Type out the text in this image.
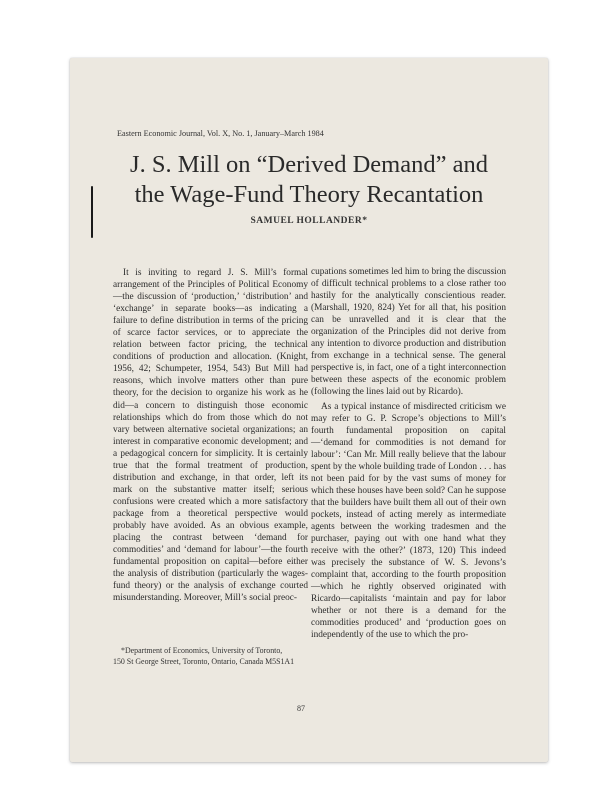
Eastern Economic Journal, Vol. X, No. 1, January–March 1984
J. S. Mill on “Derived Demand” and
the Wage-Fund Theory Recantation
SAMUEL HOLLANDER*

It is inviting to regard J. S. Mill’s formal arrangement of the Principles of Political Economy—the discussion of ‘production,’ ‘distribution’ and ‘exchange’ in separate books—as indicating a failure to define distribution in terms of the pricing of scarce factor services, or to appreciate the relation between factor pricing, the technical conditions of production and allocation. (Knight, 1956, 42; Schumpeter, 1954, 543) But Mill had reasons, which involve matters other than pure theory, for the decision to organize his work as he did—a concern to distinguish those economic relationships which do from those which do not vary between alternative societal organizations; an interest in comparative economic development; and a pedagogical concern for simplicity. It is certainly true that the formal treatment of production, distribution and exchange, in that order, left its mark on the substantive matter itself; serious confusions were created which a more satisfactory package from a theoretical perspective would probably have avoided. As an obvious example, placing the contrast between ‘demand for commodities’ and ‘demand for labour’—the fourth fundamental proposition on capital—before either the analysis of distribution (particularly the wages-fund theory) or the analysis of exchange courted misunderstanding. Moreover, Mill’s social preoc-

cupations sometimes led him to bring the discussion of difficult technical problems to a close rather too hastily for the analytically conscientious reader. (Marshall, 1920, 824) Yet for all that, his position can be unravelled and it is clear that the organization of the Principles did not derive from any intention to divorce production and distribution from exchange in a technical sense. The general perspective is, in fact, one of a tight interconnection between these aspects of the economic problem (following the lines laid out by Ricardo).

As a typical instance of misdirected criticism we may refer to G. P. Scrope’s objections to Mill’s fourth fundamental proposition on capital—‘demand for commodities is not demand for labour’: ‘Can Mr. Mill really believe that the labour spent by the whole building trade of London . . . has not been paid for by the vast sums of money for which these houses have been sold? Can he suppose that the builders have built them all out of their own pockets, instead of acting merely as intermediate agents between the working tradesmen and the purchaser, paying out with one hand what they receive with the other?’ (1873, 120) This indeed was precisely the substance of W. S. Jevons’s complaint that, according to the fourth proposition—which he rightly observed originated with Ricardo—capitalists ‘maintain and pay for labor whether or not there is a demand for the commodities produced’ and ‘production goes on independently of the use to which the pro-

*Department of Economics, University of Toronto,
150 St George Street, Toronto, Ontario, Canada M5S1A1
87
